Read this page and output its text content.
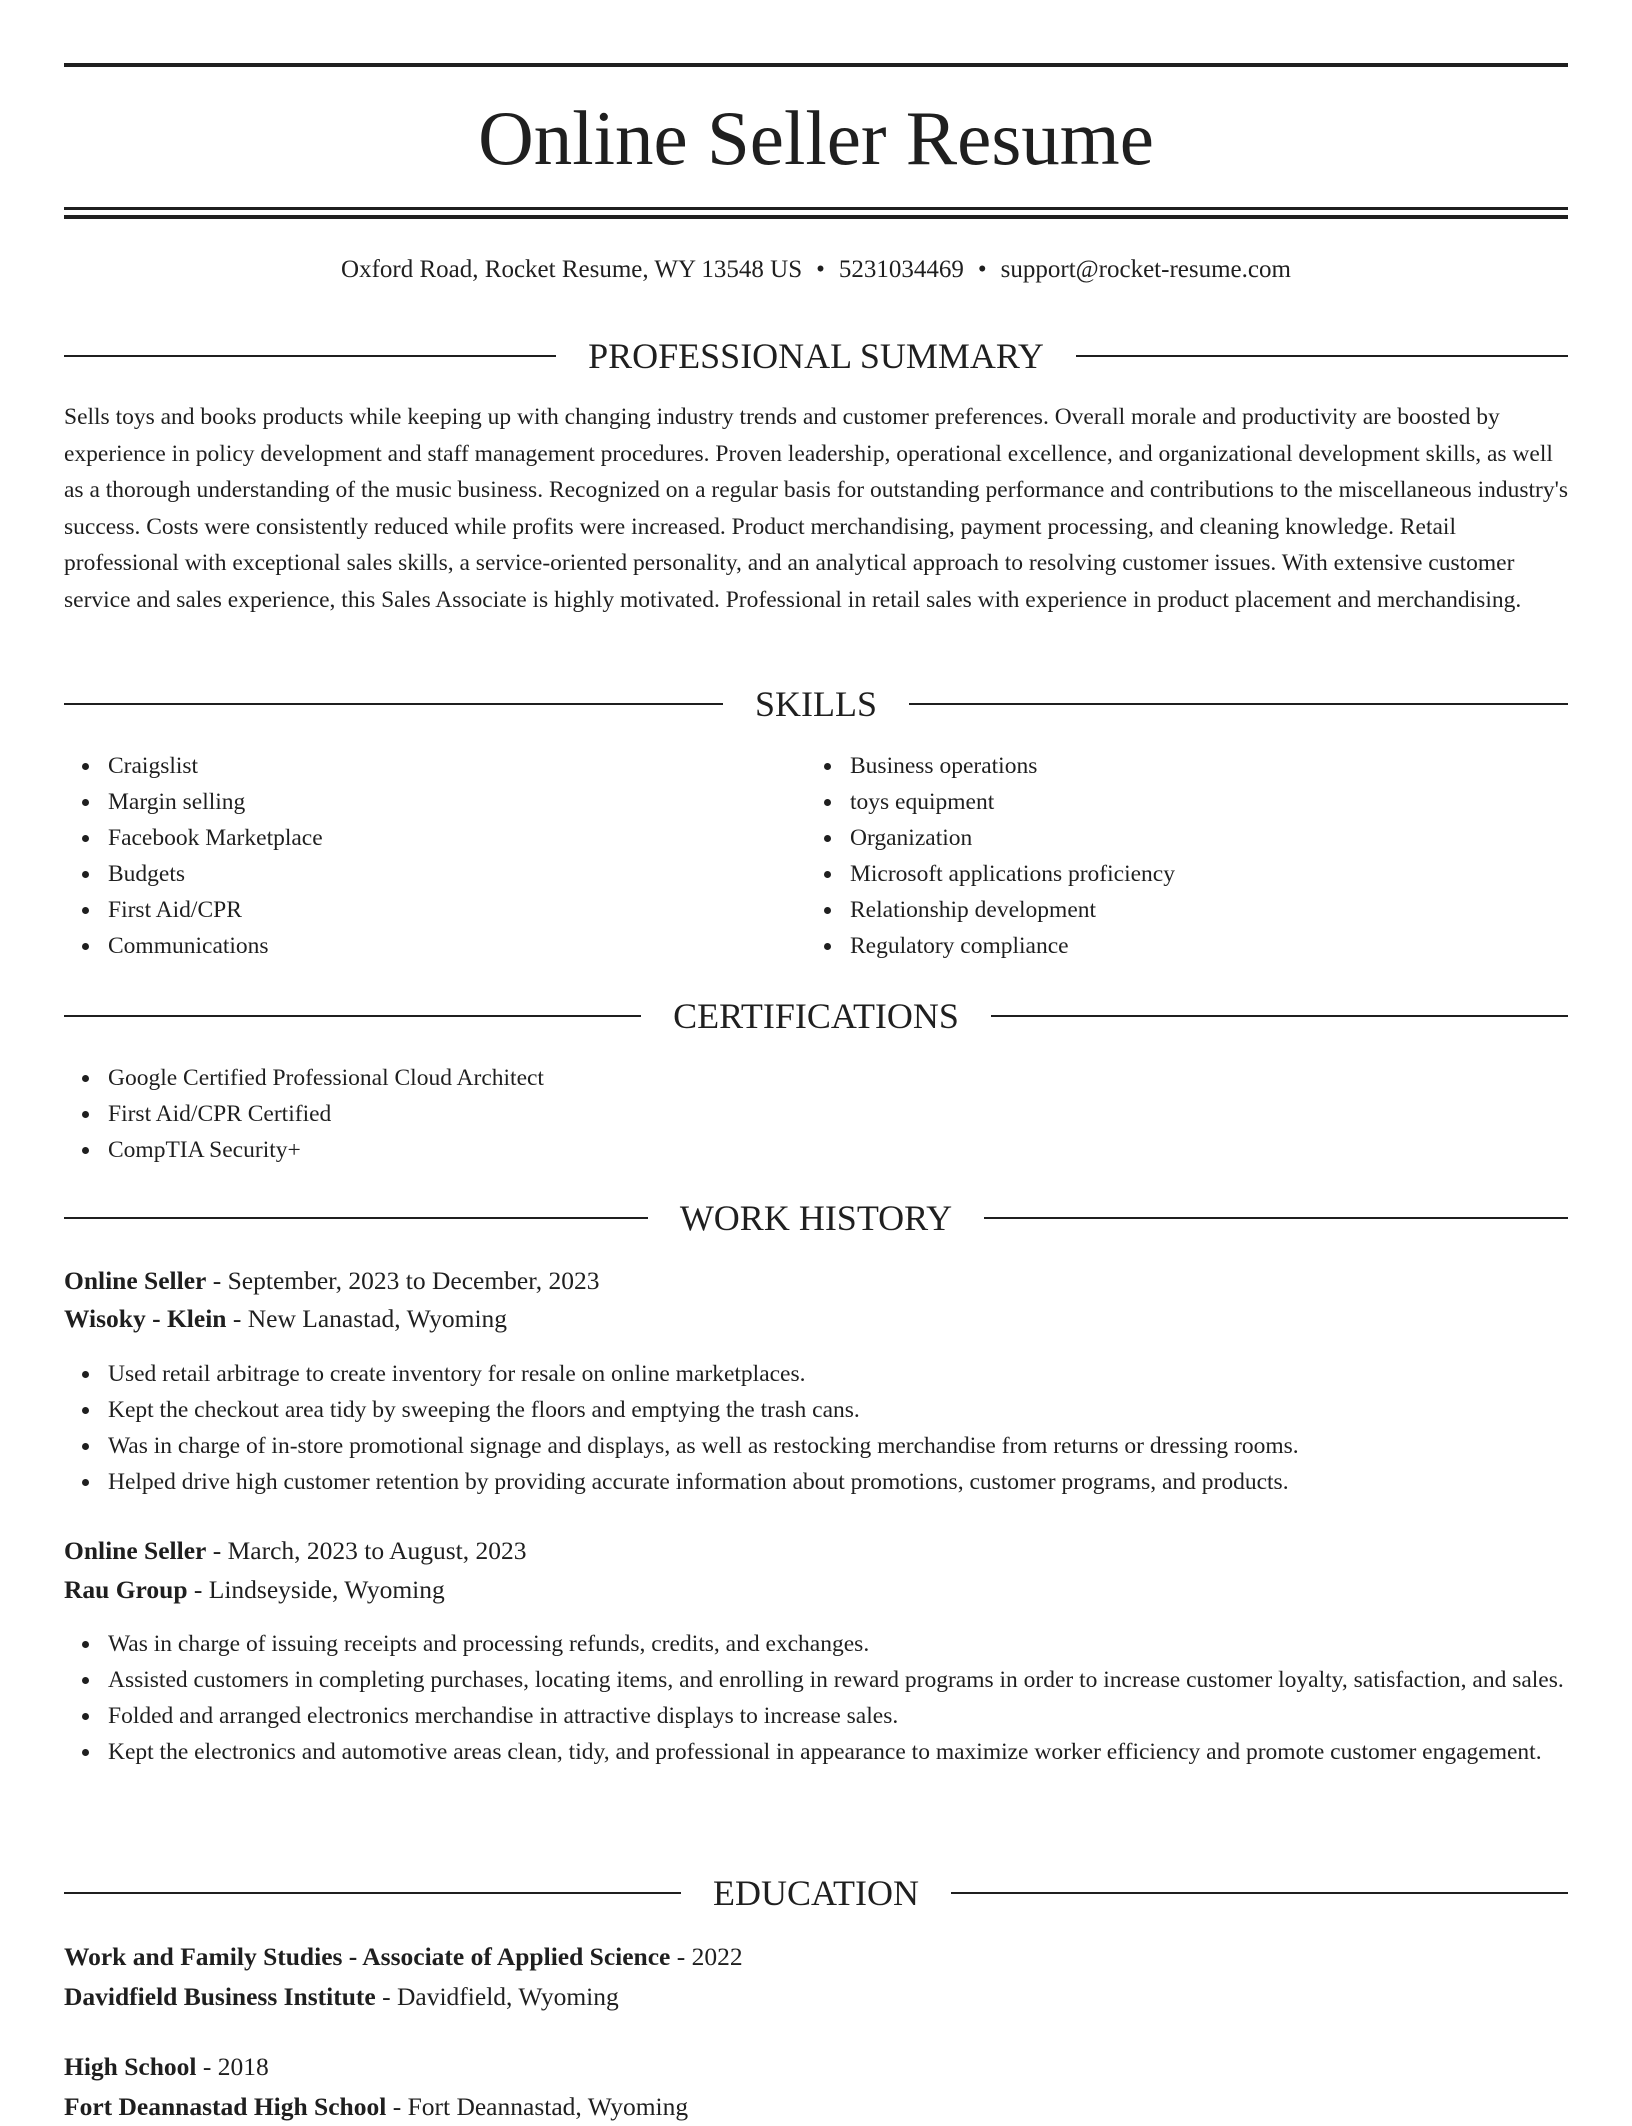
Online Seller Resume
Oxford Road, Rocket Resume, WY 13548 US • 5231034469 • support@rocket-resume.com
PROFESSIONAL SUMMARY

Sells toys and books products while keeping up with changing industry trends and customer preferences. Overall morale and productivity are boosted by experience in policy development and staff management procedures. Proven leadership, operational excellence, and organizational development skills, as well as a thorough understanding of the music business. Recognized on a regular basis for outstanding performance and contributions to the miscellaneous industry's success. Costs were consistently reduced while profits were increased. Product merchandising, payment processing, and cleaning knowledge. Retail professional with exceptional sales skills, a service-oriented personality, and an analytical approach to resolving customer issues. With extensive customer service and sales experience, this Sales Associate is highly motivated. Professional in retail sales with experience in product placement and merchandising.

SKILLS
Craigslist
Margin selling
Facebook Marketplace
Budgets
First Aid/CPR
Communications
Business operations
toys equipment
Organization
Microsoft applications proficiency
Relationship development
Regulatory compliance
CERTIFICATIONS
Google Certified Professional Cloud Architect
First Aid/CPR Certified
CompTIA Security+
WORK HISTORY
Online Seller - September, 2023 to December, 2023
Wisoky - Klein - New Lanastad, Wyoming
Used retail arbitrage to create inventory for resale on online marketplaces.
Kept the checkout area tidy by sweeping the floors and emptying the trash cans.
Was in charge of in-store promotional signage and displays, as well as restocking merchandise from returns or dressing rooms.
Helped drive high customer retention by providing accurate information about promotions, customer programs, and products.
Online Seller - March, 2023 to August, 2023
Rau Group - Lindseyside, Wyoming
Was in charge of issuing receipts and processing refunds, credits, and exchanges.
Assisted customers in completing purchases, locating items, and enrolling in reward programs in order to increase customer loyalty, satisfaction, and sales.
Folded and arranged electronics merchandise in attractive displays to increase sales.
Kept the electronics and automotive areas clean, tidy, and professional in appearance to maximize worker efficiency and promote customer engagement.
EDUCATION
Work and Family Studies - Associate of Applied Science - 2022
Davidfield Business Institute - Davidfield, Wyoming
High School - 2018
Fort Deannastad High School - Fort Deannastad, Wyoming
